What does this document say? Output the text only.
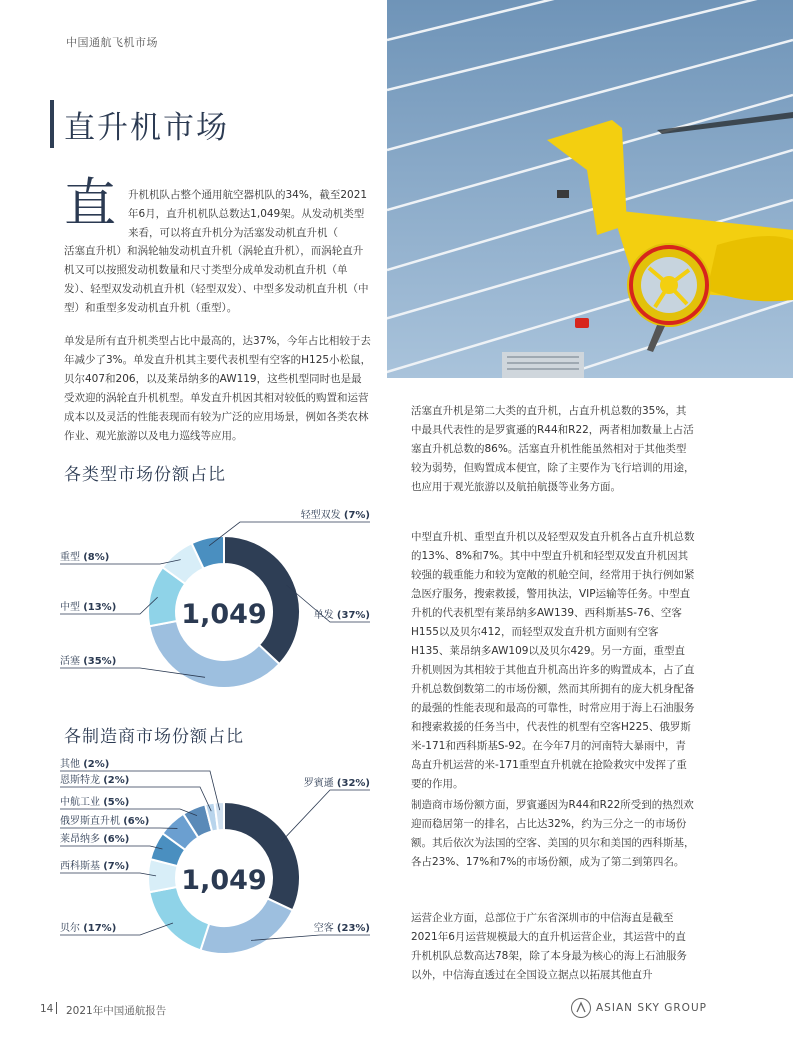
中国通航飞机市场
直升机市场
直 升机机队占整个通用航空器机队的34%，截至2021年6月，直升机机队总数达1,049架。从发动机类型来看，可以将直升机分为活塞发动机直升机（
活塞直升机）和涡轮轴发动机直升机（涡轮直升机），而涡轮直升机又可以按照发动机数量和尺寸类型分成单发动机直升机（单发）、轻型双发动机直升机（轻型双发）、中型多发动机直升机（中型）和重型多发动机直升机（重型）。
单发是所有直升机类型占比中最高的，达37%，今年占比相较于去年减少了3%。单发直升机其主要代表机型有空客的H125小松鼠，贝尔407和206，以及莱昂纳多的AW119，这些机型同时也是最受欢迎的涡轮直升机机型。单发直升机因其相对较低的购置和运营成本以及灵活的性能表现而有较为广泛的应用场景，例如各类农林作业、观光旅游以及电力巡线等应用。
各类型市场份额占比
单发 (37%)
活塞 (35%)
中型 (13%)
重型 (8%)
轻型双发 (7%)
1,049
各制造商市场份额占比
罗賓遜 (32%)
空客 (23%)
贝尔 (17%)
西科斯基 (7%)
莱昂纳多 (6%)
俄罗斯直升机 (6%)
中航工业 (5%)
恩斯特龙 (2%)
其他 (2%)
1,049
活塞直升机是第二大类的直升机，占直升机总数的35%，其中最具代表性的是罗賓遜的R44和R22，两者相加数量上占活塞直升机总数的86%。活塞直升机性能虽然相对于其他类型较为弱势，但购置成本便宜，除了主要作为飞行培训的用途，也应用于观光旅游以及航拍航摄等业务方面。
中型直升机、重型直升机以及轻型双发直升机各占直升机总数的13%、8%和7%。其中中型直升机和轻型双发直升机因其较强的载重能力和较为宽敞的机舱空间，经常用于执行例如紧急医疗服务，搜索救援，警用执法，VIP运输等任务。中型直升机的代表机型有莱昂纳多AW139、西科斯基S-76、空客H155以及贝尔412，而轻型双发直升机方面则有空客H135、莱昂纳多AW109以及贝尔429。另一方面，重型直升机则因为其相较于其他直升机高出许多的购置成本，占了直升机总数倒数第二的市场份额，然而其所拥有的庞大机身配备的最强的性能表现和最高的可靠性，时常应用于海上石油服务和搜索救援的任务当中，代表性的机型有空客H225、俄罗斯米-171和西科斯基S-92。在今年7月的河南特大暴雨中，青岛直升机运营的米-171重型直升机就在抢险救灾中发挥了重要的作用。
制造商市场份额方面，罗賓遜因为R44和R22所受到的热烈欢迎而稳居第一的排名，占比达32%，约为三分之一的市场份额。其后依次为法国的空客、美国的贝尔和美国的西科斯基，各占23%、17%和7%的市场份额，成为了第二到第四名。
运营企业方面，总部位于广东省深圳市的中信海直是截至2021年6月运营规模最大的直升机运营企业，其运营中的直升机机队总数高达78架，除了本身最为核心的海上石油服务以外，中信海直透过在全国设立据点以拓展其他直升
14 2021年中国通航报告	ASIAN SKY GROUP
